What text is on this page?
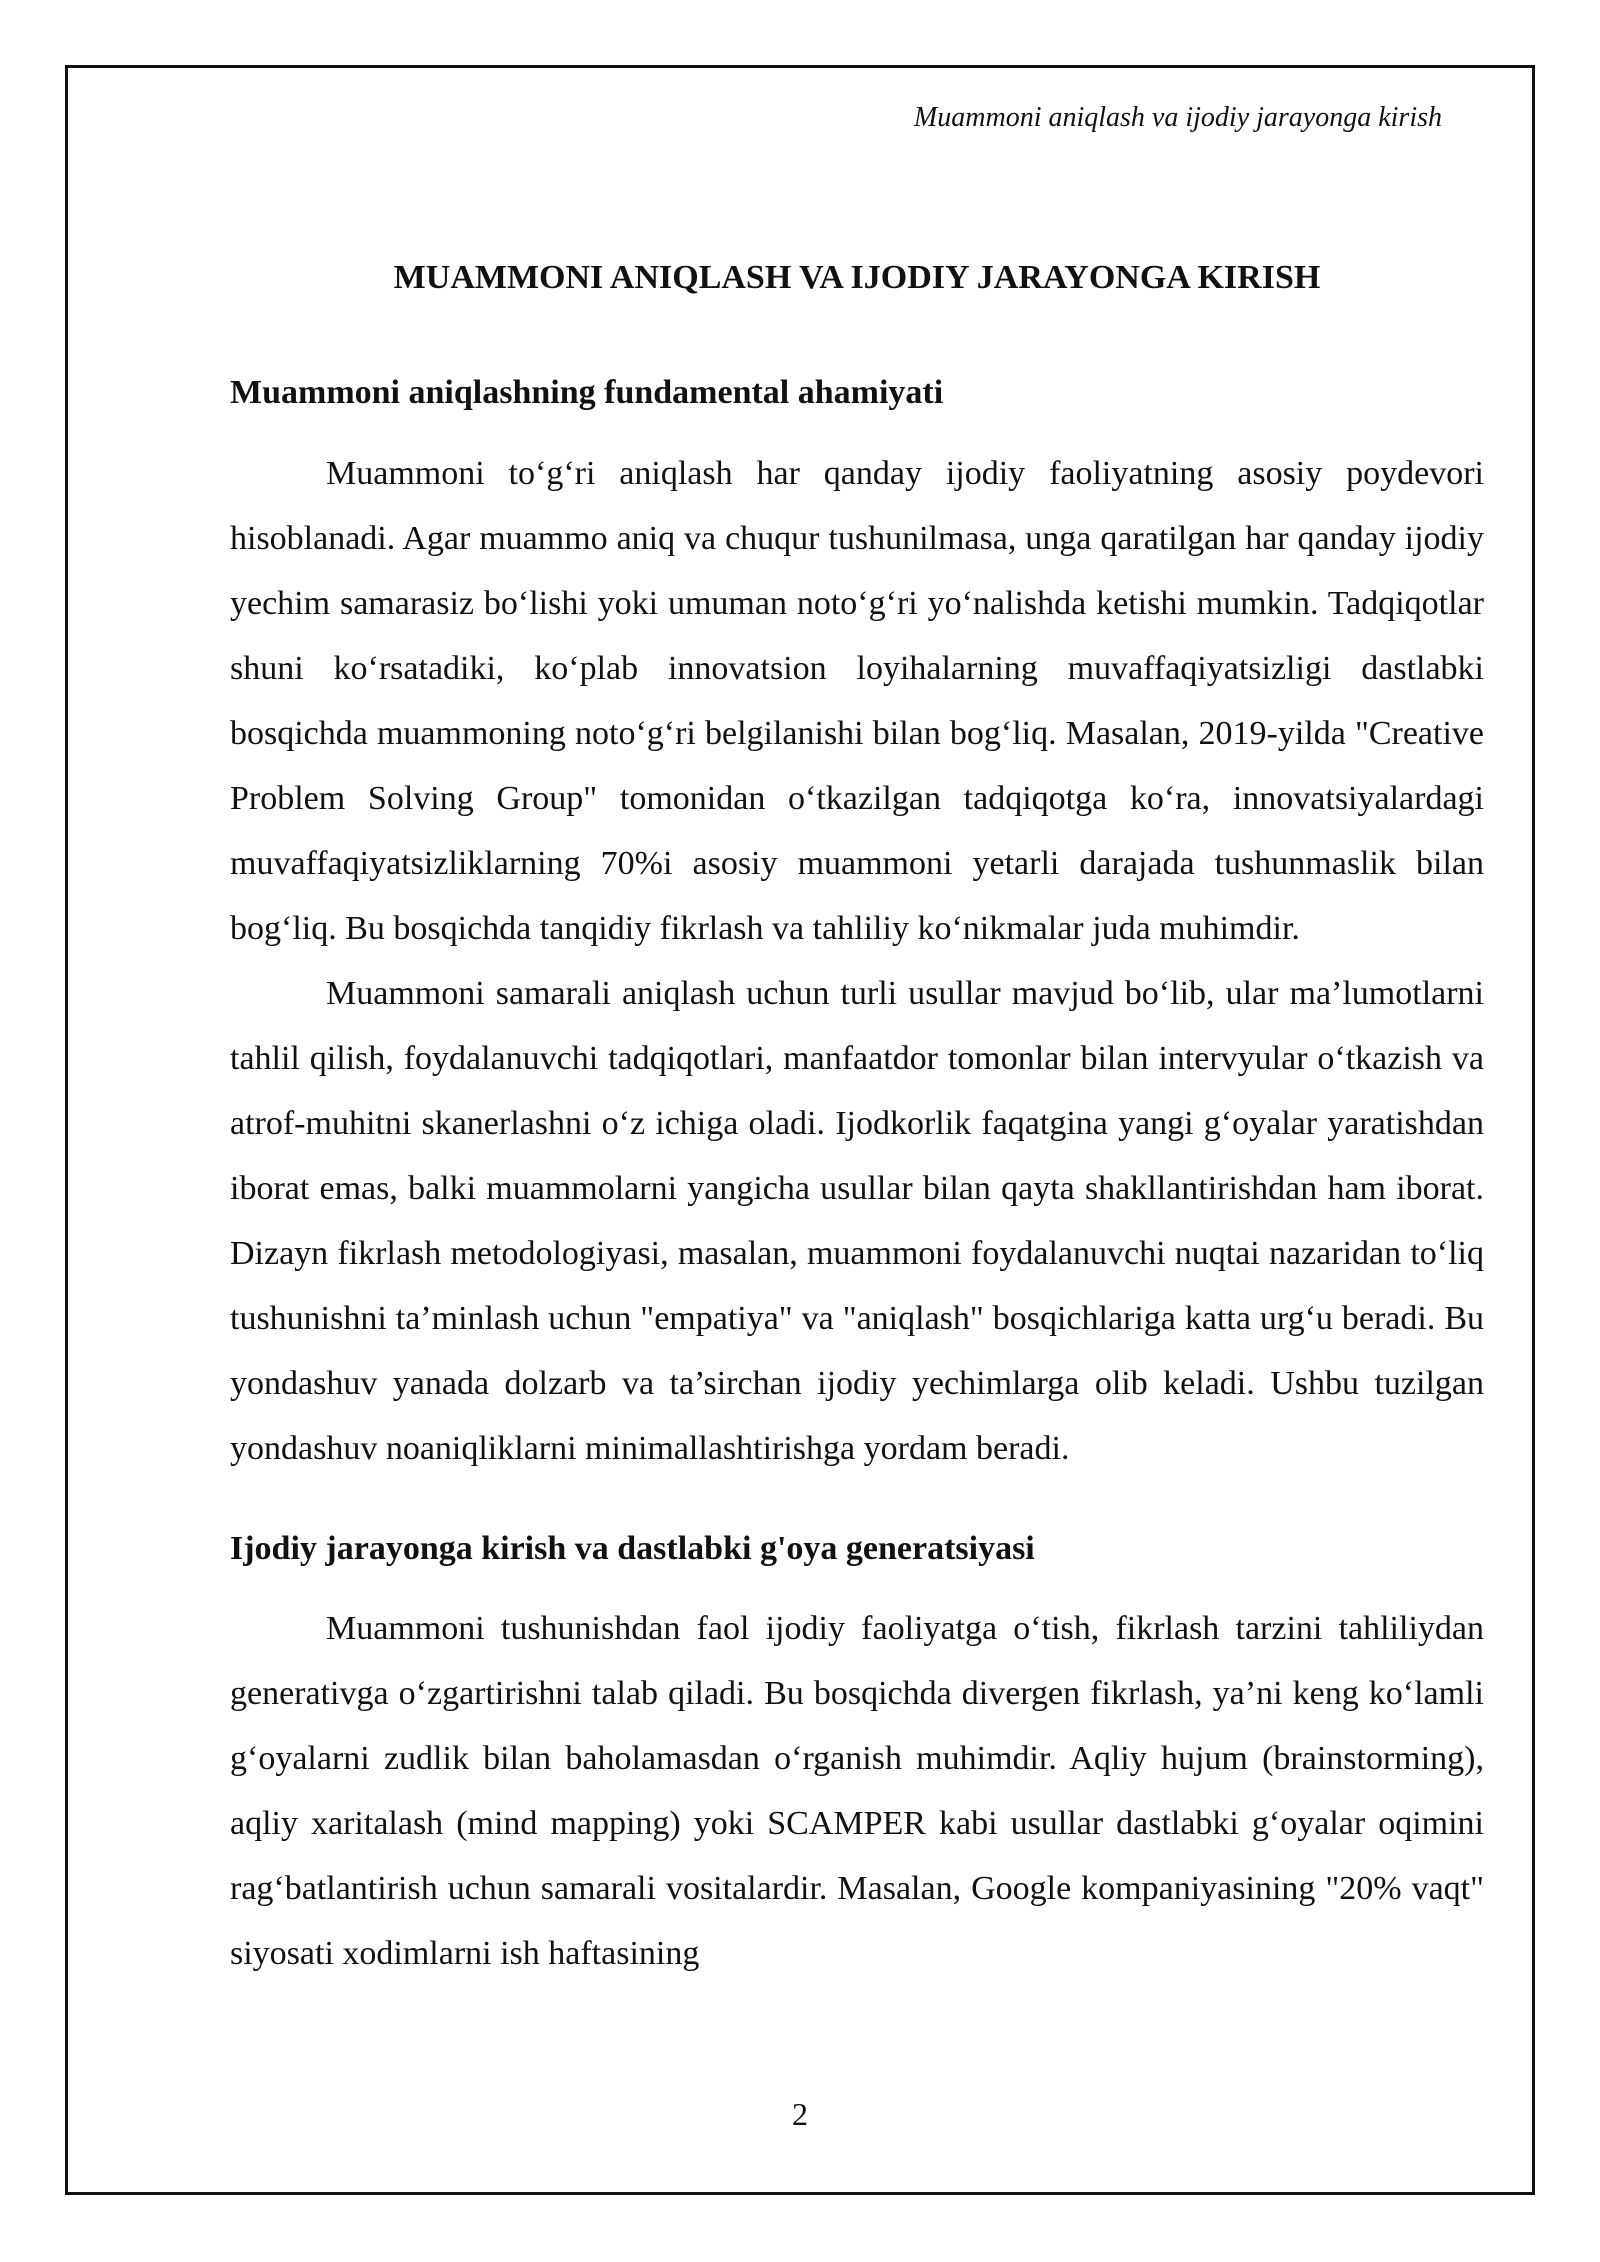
Muammoni aniqlash va ijodiy jarayonga kirish

MUAMMONI ANIQLASH VA IJODIY JARAYONGA KIRISH
Muammoni aniqlashning fundamental ahamiyati

Muammoni to‘g‘ri aniqlash har qanday ijodiy faoliyatning asosiy poydevori hisoblanadi. Agar muammo aniq va chuqur tushunilmasa, unga qaratilgan har qanday ijodiy yechim samarasiz bo‘lishi yoki umuman noto‘g‘ri yo‘nalishda ketishi mumkin. Tadqiqotlar shuni ko‘rsatadiki, ko‘plab innovatsion loyihalarning muvaffaqiyatsizligi dastlabki bosqichda muammoning noto‘g‘ri belgilanishi bilan bog‘liq. Masalan, 2019-yilda "Creative Problem Solving Group" tomonidan o‘tkazilgan tadqiqotga ko‘ra, innovatsiyalardagi muvaffaqiyatsizliklarning 70%i asosiy muammoni yetarli darajada tushunmaslik bilan bog‘liq. Bu bosqichda tanqidiy fikrlash va tahliliy ko‘nikmalar juda muhimdir.

Muammoni samarali aniqlash uchun turli usullar mavjud bo‘lib, ular ma’lumotlarni tahlil qilish, foydalanuvchi tadqiqotlari, manfaatdor tomonlar bilan intervyular o‘tkazish va atrof-muhitni skanerlashni o‘z ichiga oladi. Ijodkorlik faqatgina yangi g‘oyalar yaratishdan iborat emas, balki muammolarni yangicha usullar bilan qayta shakllantirishdan ham iborat. Dizayn fikrlash metodologiyasi, masalan, muammoni foydalanuvchi nuqtai nazaridan to‘liq tushunishni ta’minlash uchun "empatiya" va "aniqlash" bosqichlariga katta urg‘u beradi. Bu yondashuv yanada dolzarb va ta’sirchan ijodiy yechimlarga olib keladi. Ushbu tuzilgan yondashuv noaniqliklarni minimallashtirishga yordam beradi.

Ijodiy jarayonga kirish va dastlabki g'oya generatsiyasi

Muammoni tushunishdan faol ijodiy faoliyatga o‘tish, fikrlash tarzini tahliliydan generativga o‘zgartirishni talab qiladi. Bu bosqichda divergen fikrlash, ya’ni keng ko‘lamli g‘oyalarni zudlik bilan baholamasdan o‘rganish muhimdir. Aqliy hujum (brainstorming), aqliy xaritalash (mind mapping) yoki SCAMPER kabi usullar dastlabki g‘oyalar oqimini rag‘batlantirish uchun samarali vositalardir. Masalan, Google kompaniyasining "20% vaqt" siyosati xodimlarni ish haftasining

2
